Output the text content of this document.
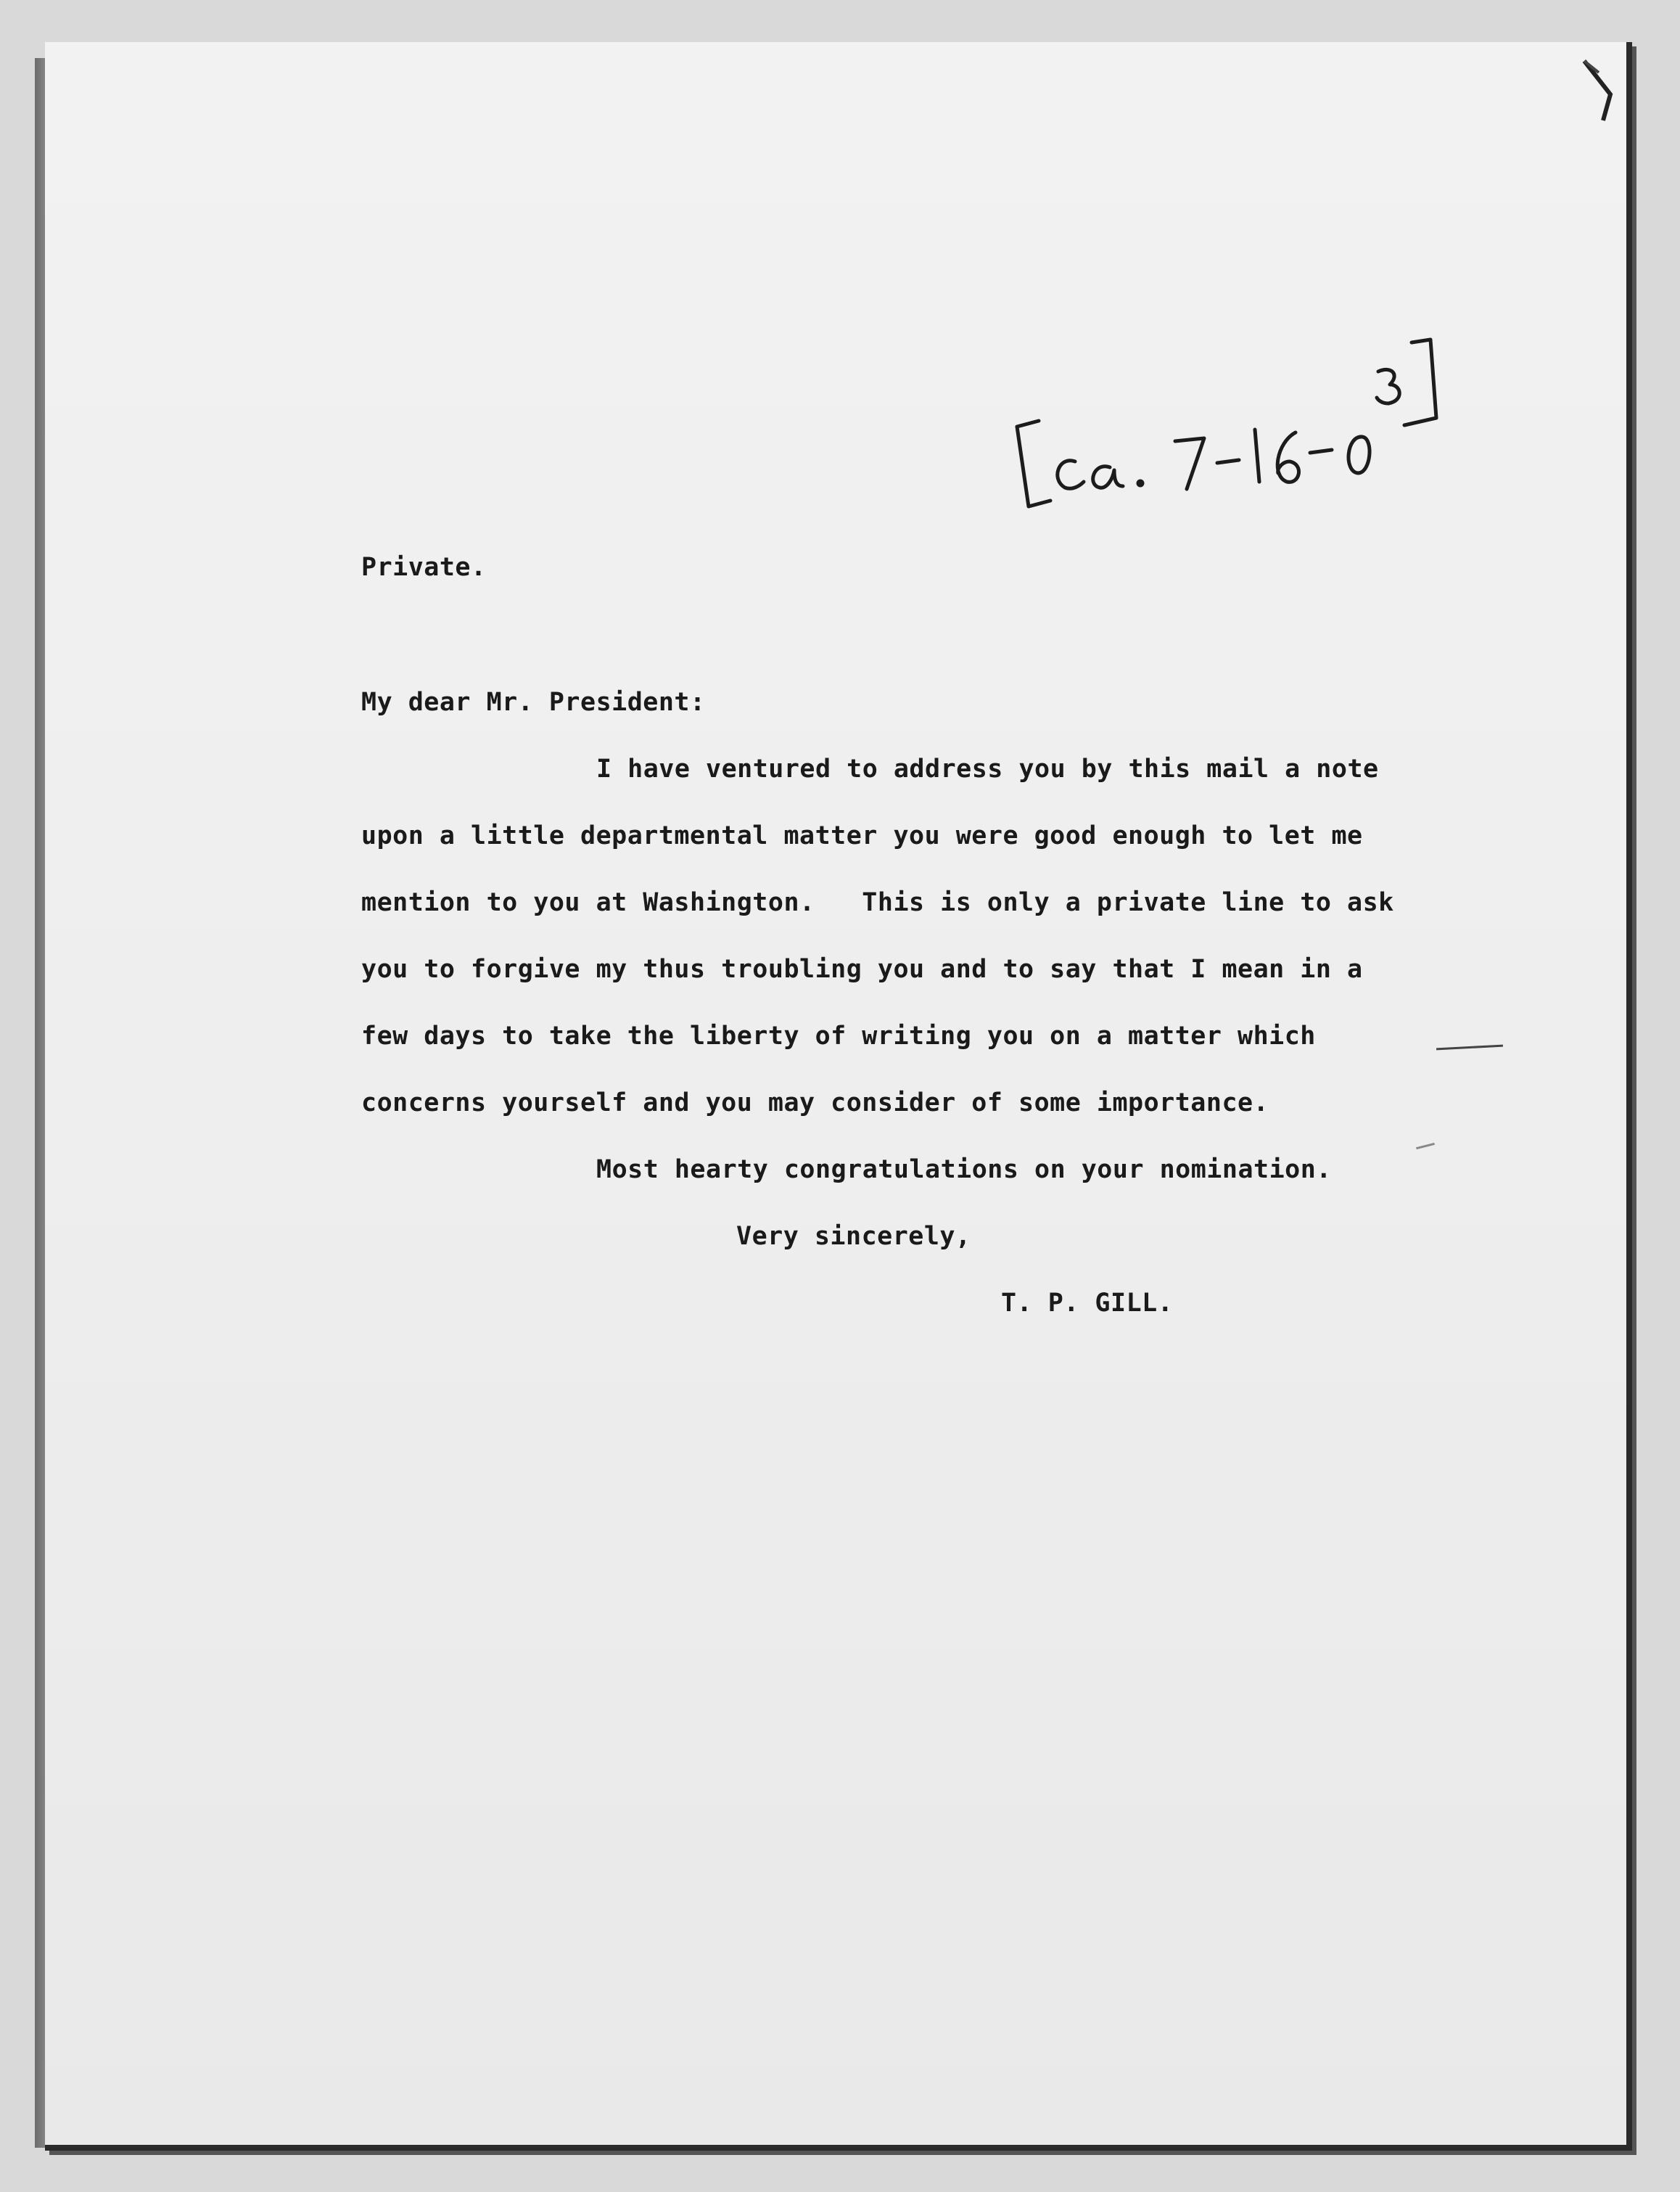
Private.
My dear Mr. President:
I have ventured to address you by this mail a note
upon a little departmental matter you were good enough to let me
mention to you at Washington.   This is only a private line to ask
you to forgive my thus troubling you and to say that I mean in a
few days to take the liberty of writing you on a matter which
concerns yourself and you may consider of some importance.
Most hearty congratulations on your nomination.
Very sincerely,
T. P. GILL.
